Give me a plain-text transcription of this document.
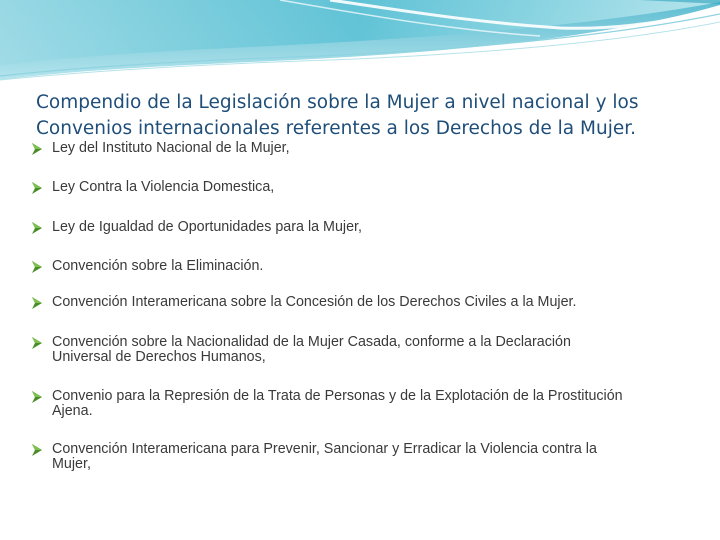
Compendio de la Legislación sobre la Mujer a nivel nacional y los
Convenios internacionales referentes a los Derechos de la Mujer.
Ley del Instituto Nacional de la Mujer,
Ley Contra la Violencia Domestica,
Ley de Igualdad de Oportunidades para la Mujer,
Convención sobre la Eliminación.
Convención Interamericana sobre la Concesión de los Derechos Civiles a la Mujer.
Convención sobre la Nacionalidad de la Mujer Casada, conforme a la Declaración
Universal de Derechos Humanos,
Convenio para la Represión de la Trata de Personas y de la Explotación de la Prostitución
Ajena.
Convención Interamericana para Prevenir, Sancionar y Erradicar la Violencia contra la
Mujer,
